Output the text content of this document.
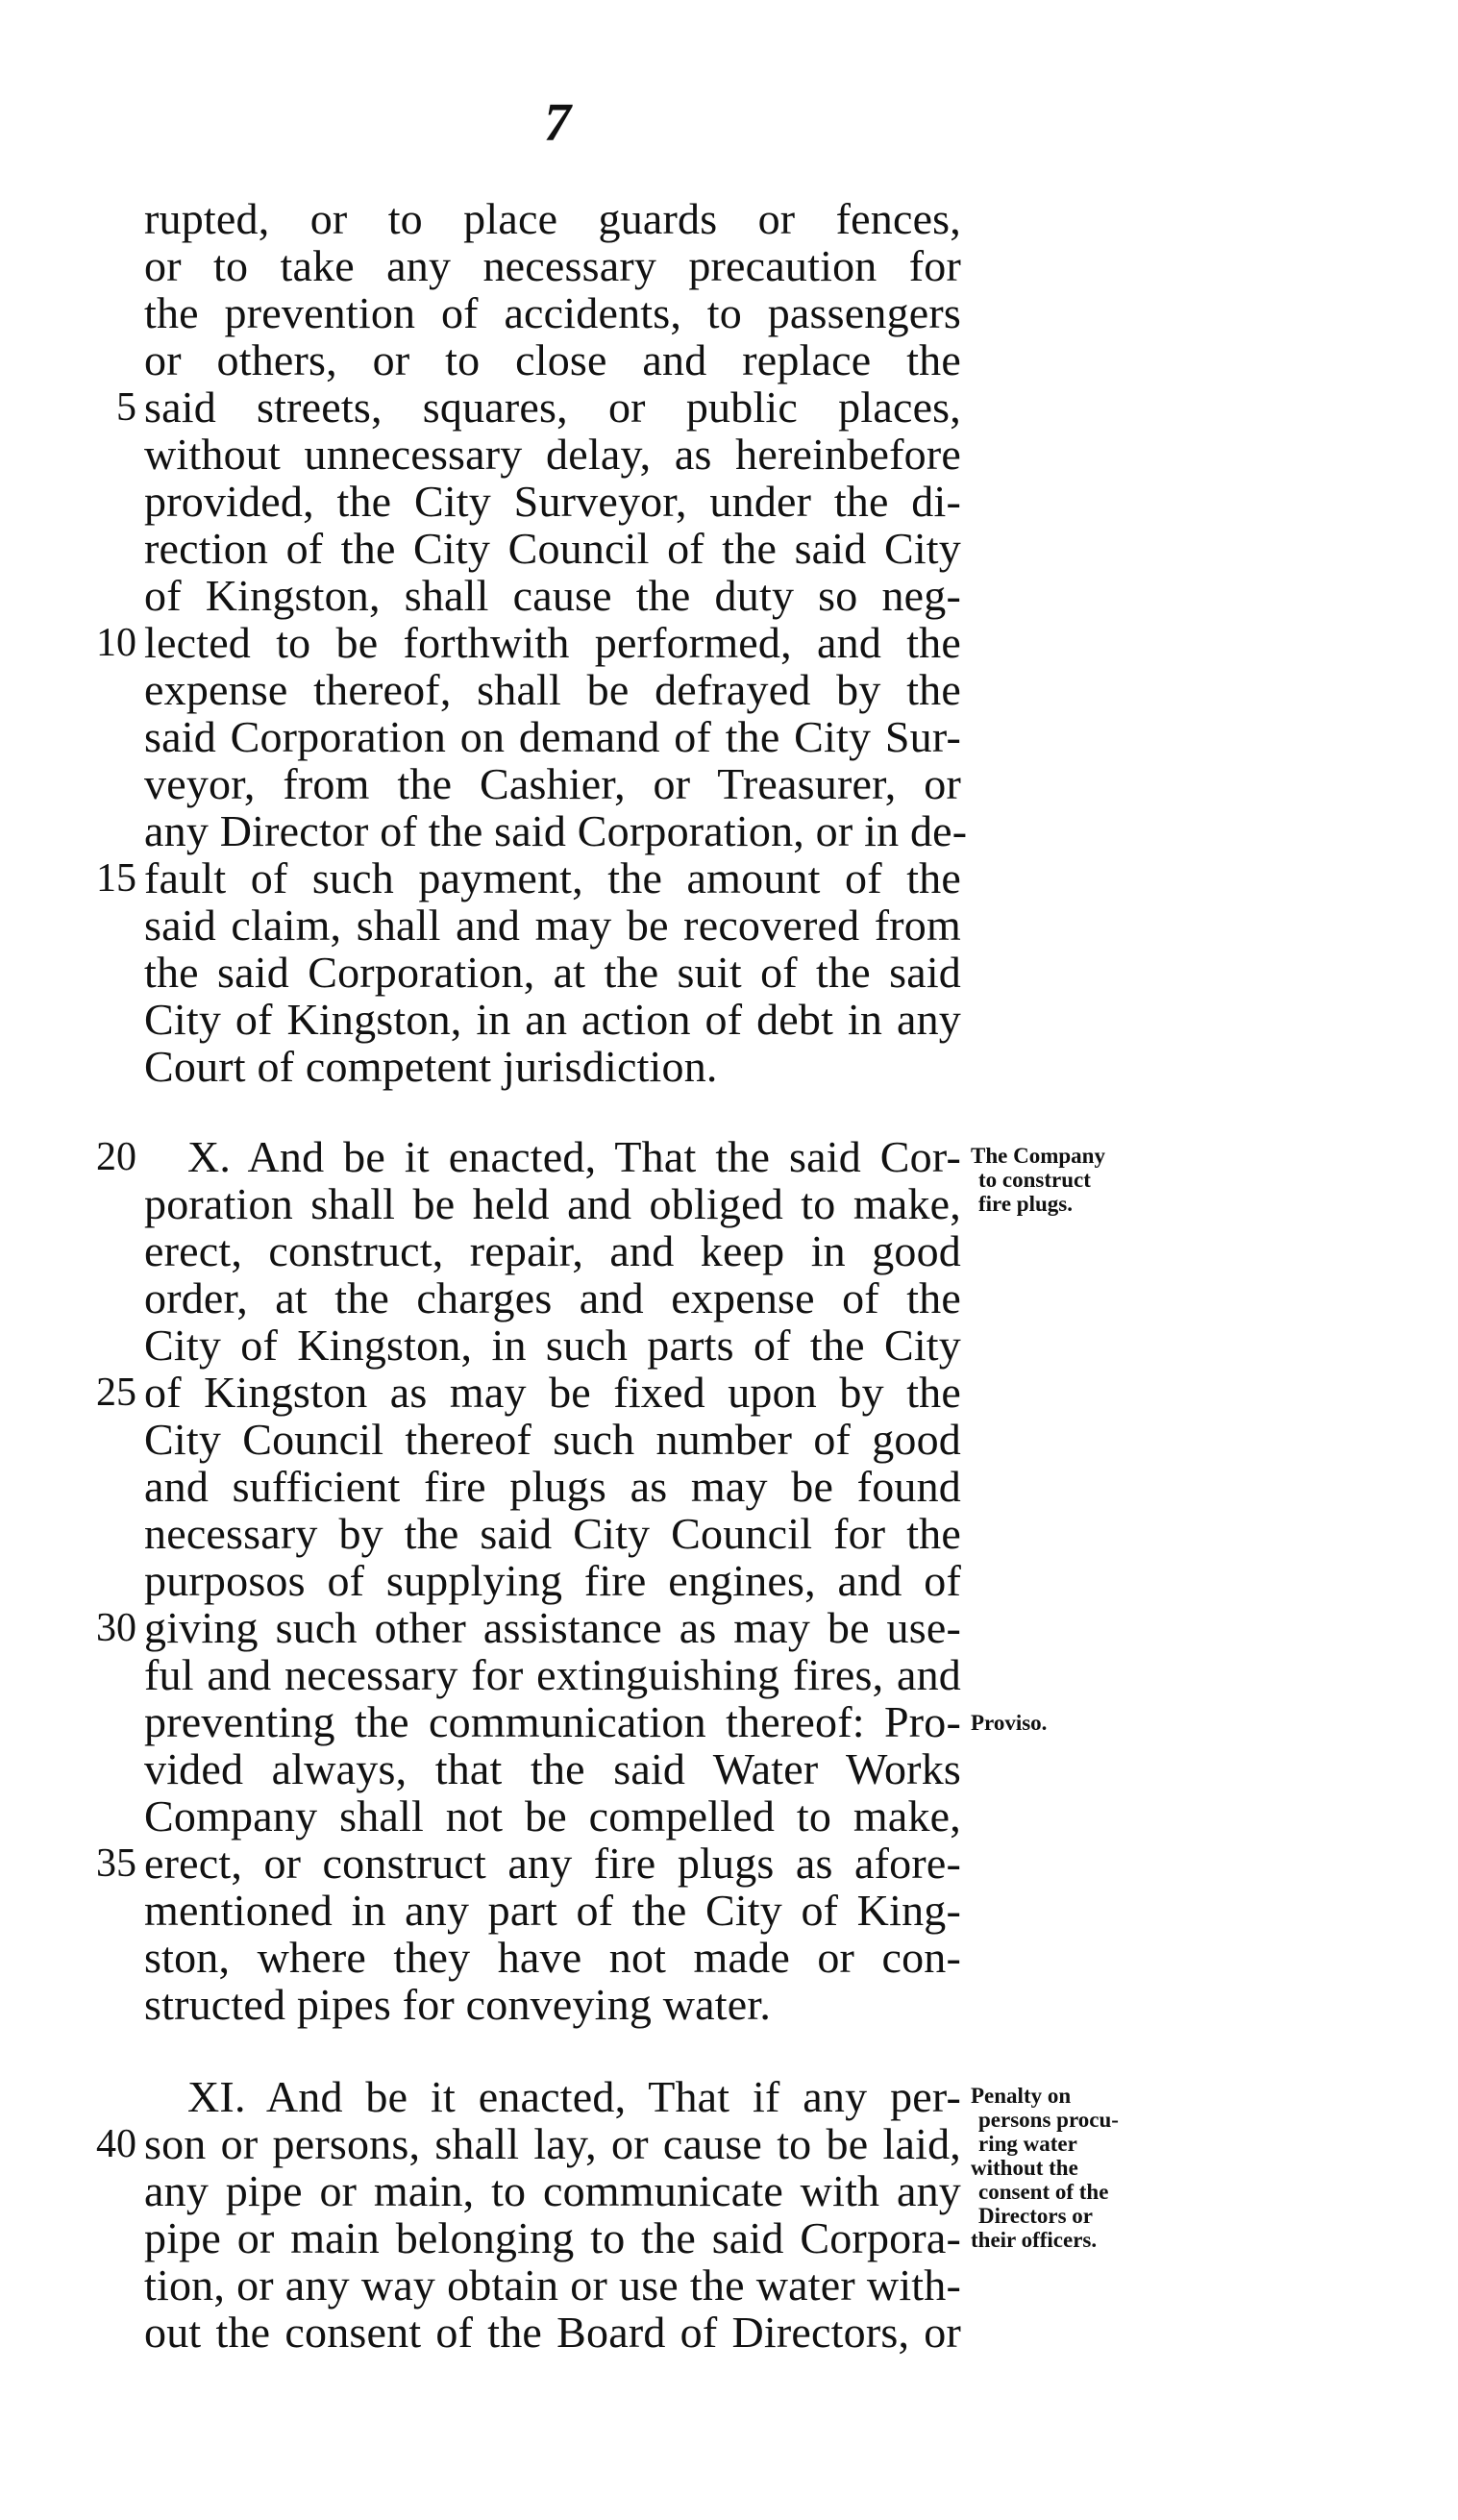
7
rupted, or to place guards or fences,
or to take any necessary precaution for
the prevention of accidents, to passengers
or others, or to close and replace the
5 said streets, squares, or public places,
without unnecessary delay, as hereinbefore
provided, the City Surveyor, under the di-
rection of the City Council of the said City
of Kingston, shall cause the duty so neg-
10 lected to be forthwith performed, and the
expense thereof, shall be defrayed by the
said Corporation on demand of the City Sur-
veyor, from the Cashier, or Treasurer, or
any Director of the said Corporation, or in de-
15 fault of such payment, the amount of the
said claim, shall and may be recovered from
the said Corporation, at the suit of the said
City of Kingston, in an action of debt in any
Court of competent jurisdiction.
20 X. And be it enacted, That the said Cor-
poration shall be held and obliged to make,
erect, construct, repair, and keep in good
order, at the charges and expense of the
City of Kingston, in such parts of the City
25 of Kingston as may be fixed upon by the
City Council thereof such number of good
and sufficient fire plugs as may be found
necessary by the said City Council for the
purposos of supplying fire engines, and of
30 giving such other assistance as may be use-
ful and necessary for extinguishing fires, and
preventing the communication thereof: Pro-
vided always, that the said Water Works
Company shall not be compelled to make,
35 erect, or construct any fire plugs as afore-
mentioned in any part of the City of King-
ston, where they have not made or con-
structed pipes for conveying water.
XI. And be it enacted, That if any per-
40 son or persons, shall lay, or cause to be laid,
any pipe or main, to communicate with any
pipe or main belonging to the said Corpora-
tion, or any way obtain or use the water with-
out the consent of the Board of Directors, or
The Company
to construct
fire plugs.
Proviso.
Penalty on
persons procu-
ring water
without the
consent of the
Directors or
their officers.
